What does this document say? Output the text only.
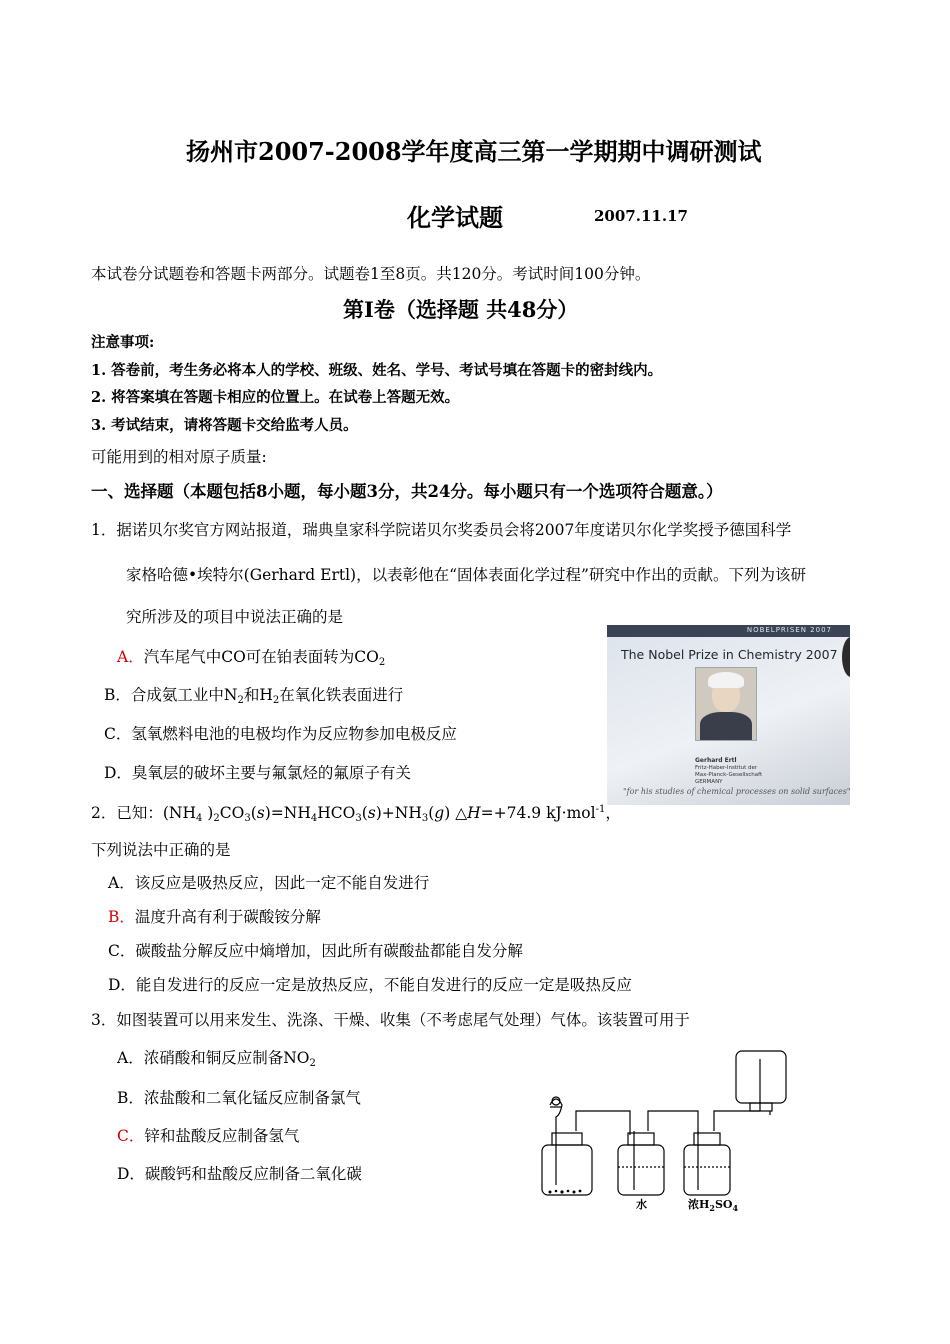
扬州市2007-2008学年度高三第一学期期中调研测试
化学试题	2007.11.17
本试卷分试题卷和答题卡两部分。试题卷1至8页。共120分。考试时间100分钟。
第Ⅰ卷（选择题 共48分）
注意事项:
1. 答卷前，考生务必将本人的学校、班级、姓名、学号、考试号填在答题卡的密封线内。
2. 将答案填在答题卡相应的位置上。在试卷上答题无效。
3. 考试结束，请将答题卡交给监考人员。
可能用到的相对原子质量:
一、选择题（本题包括8小题，每小题3分，共24分。每小题只有一个选项符合题意。）
1．据诺贝尔奖官方网站报道，瑞典皇家科学院诺贝尔奖委员会将2007年度诺贝尔化学奖授予德国科学
家格哈德•埃特尔(Gerhard Ertl)，以表彰他在“固体表面化学过程”研究中作出的贡献。下列为该研
究所涉及的项目中说法正确的是
A．汽车尾气中CO可在铂表面转为$CO_2$
B．合成氨工业中$N_2$和$H_2$在氧化铁表面进行
C．氢氧燃料电池的电极均作为反应物参加电极反应
D．臭氧层的破坏主要与氟氯烃的氟原子有关
NOBELPRISEN 2007
The Nobel Prize in Chemistry 2007
Gerhard Ertl
Fritz-Haber-Institut der
Max-Planck-Gesellschaft
GERMANY
"for his studies of chemical processes on solid surfaces"
2．已知：($NH_4$ )$_2CO_3(s)=NH_4HCO_3(s)+NH_3(g)$ △H=+74.9 kJ·mol$^{-1}$，
下列说法中正确的是
A．该反应是吸热反应，因此一定不能自发进行
B．温度升高有利于碳酸铵分解
C．碳酸盐分解反应中熵增加，因此所有碳酸盐都能自发分解
D．能自发进行的反应一定是放热反应，不能自发进行的反应一定是吸热反应
3．如图装置可以用来发生、洗涤、干燥、收集（不考虑尾气处理）气体。该装置可用于
A．浓硝酸和铜反应制备$NO_2$
B．浓盐酸和二氧化锰反应制备氯气
C．锌和盐酸反应制备氢气
D．碳酸钙和盐酸反应制备二氧化碳
水	浓$H_2SO_4$
